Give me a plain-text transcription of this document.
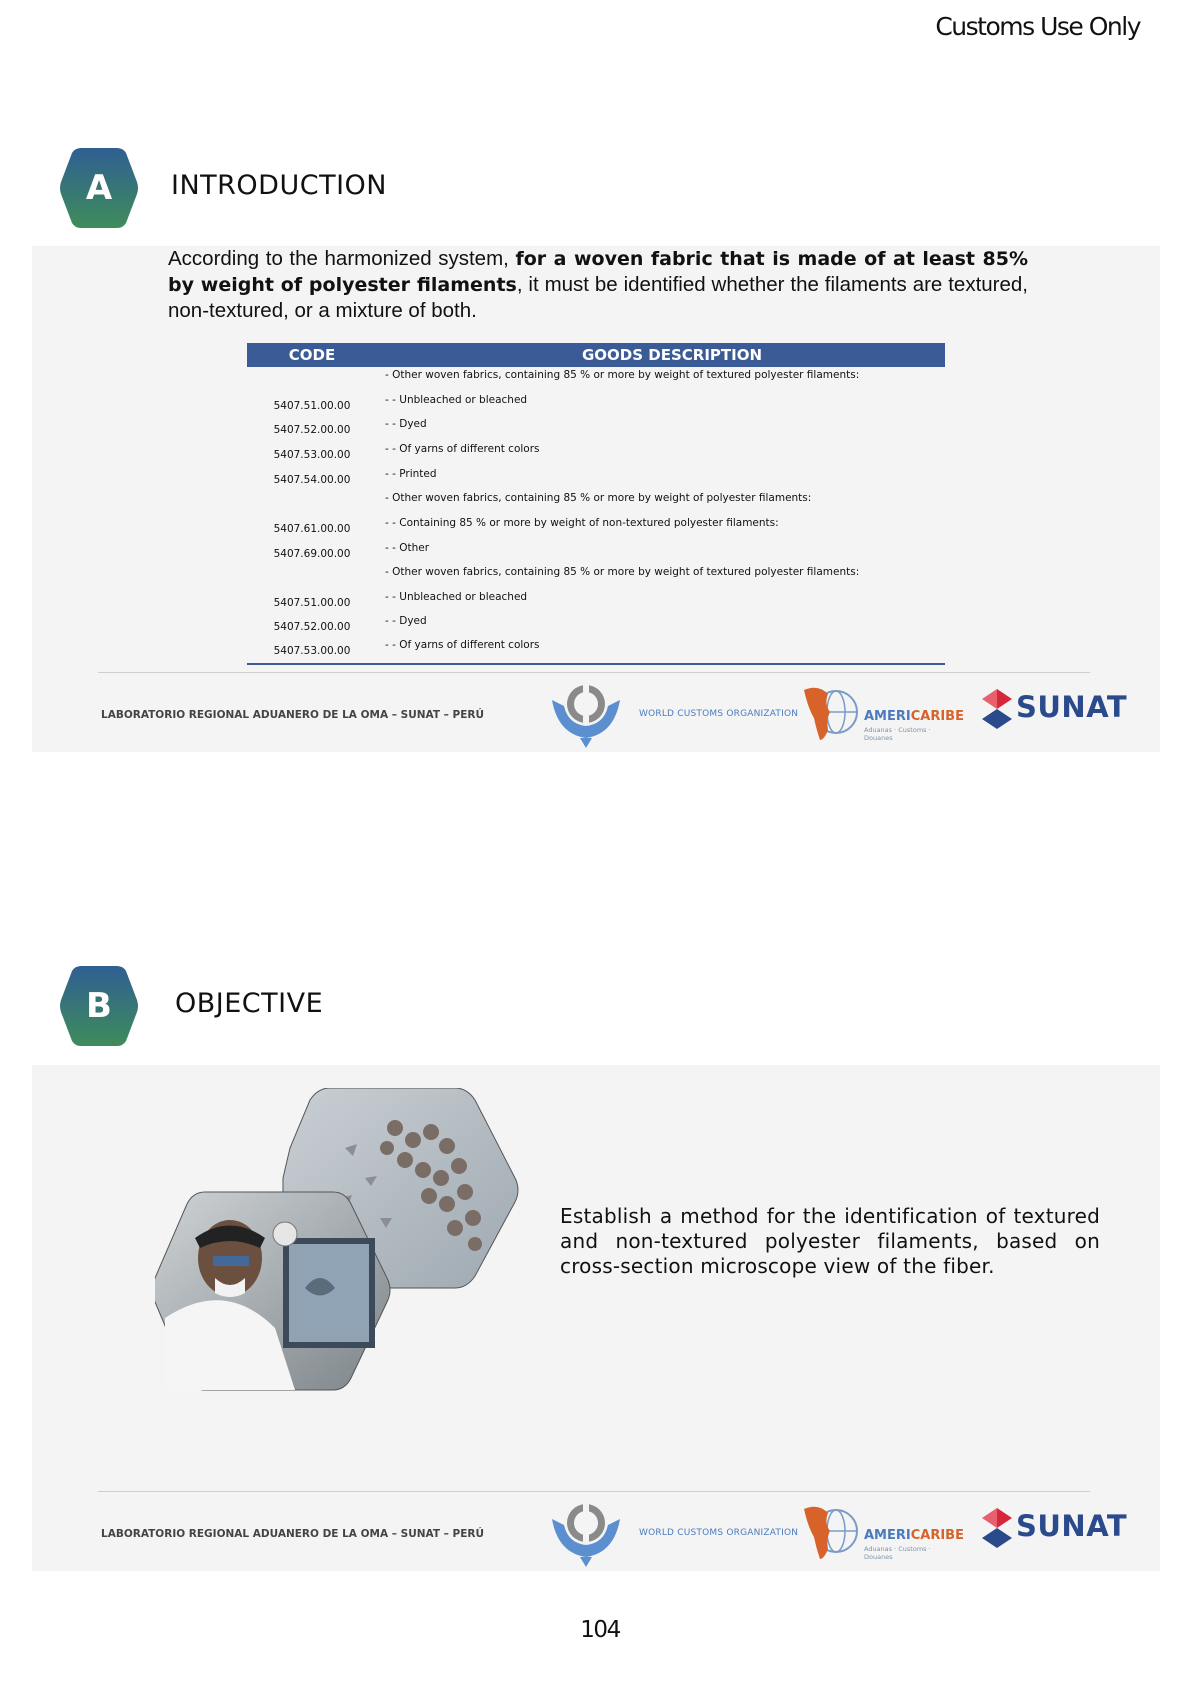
Customs Use Only
A	INTRODUCTION
According to the harmonized system, for a woven fabric that is made of at least 85% by weight of polyester filaments, it must be identified whether the filaments are textured, non-textured, or a mixture of both.
CODE	GOODS DESCRIPTION
- Other woven fabrics, containing 85 % or more by weight of textured polyester filaments:
5407.51.00.00	- - Unbleached or bleached
5407.52.00.00	- - Dyed
5407.53.00.00	- - Of yarns of different colors
5407.54.00.00	- - Printed
- Other woven fabrics, containing 85 % or more by weight of polyester filaments:
5407.61.00.00	- - Containing 85 % or more by weight of non-textured polyester filaments:
5407.69.00.00	- - Other
- Other woven fabrics, containing 85 % or more by weight of textured polyester filaments:
5407.51.00.00	- - Unbleached or bleached
5407.52.00.00	- - Dyed
5407.53.00.00	- - Of yarns of different colors
LABORATORIO REGIONAL ADUANERO DE LA OMA – SUNAT – PERÚ	WORLD CUSTOMS ORGANIZATION	AMERICARIBE
Aduanas · Customs · Douanes
SUNAT
B	OBJECTIVE
Establish a method for the identification of textured and non-textured polyester filaments, based on cross-section microscope view of the fiber.
LABORATORIO REGIONAL ADUANERO DE LA OMA – SUNAT – PERÚ	WORLD CUSTOMS ORGANIZATION	AMERICARIBE
Aduanas · Customs · Douanes
SUNAT
104
